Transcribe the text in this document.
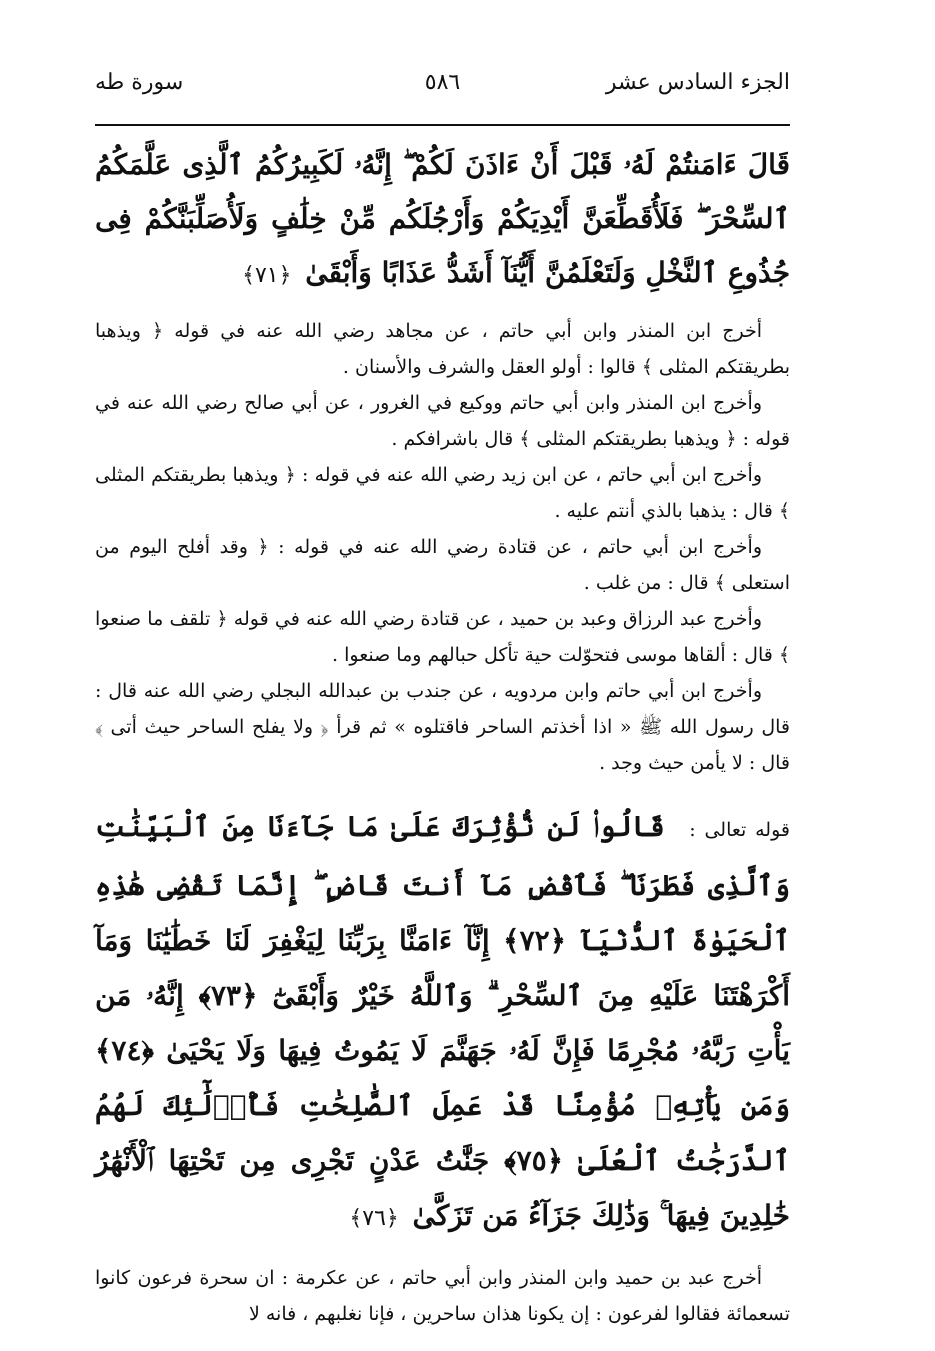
الجزء السادس عشر
٥٨٦
سورة طه
قَالَ ءَامَنتُمْ لَهُۥ قَبْلَ أَنْ ءَاذَنَ لَكُمْ ۖ إِنَّهُۥ لَكَبِيرُكُمُ ٱلَّذِى عَلَّمَكُمُ ٱلسِّحْرَ ۖ فَلَأُقَطِّعَنَّ أَيْدِيَكُمْ وَأَرْجُلَكُم مِّنْ خِلَٰفٍ وَلَأُصَلِّبَنَّكُمْ فِى جُذُوعِ ٱلنَّخْلِ وَلَتَعْلَمُنَّ أَيُّنَآ أَشَدُّ عَذَابًا وَأَبْقَىٰ ﴿٧١﴾

أخرج ابن المنذر وابن أبي حاتم ، عن مجاهد رضي الله عنه في قوله ﴿ ويذهبا بطريقتكم المثلى ﴾ قالوا : أولو العقل والشرف والأسنان .

وأخرج ابن المنذر وابن أبي حاتم ووكيع في الغرور ، عن أبي صالح رضي الله عنه في قوله : ﴿ ويذهبا بطريقتكم المثلى ﴾ قال باشرافكم .

وأخرج ابن أبي حاتم ، عن ابن زيد رضي الله عنه في قوله : ﴿ ويذهبا بطريقتكم المثلى ﴾ قال : يذهبا بالذي أنتم عليه .

وأخرج ابن أبي حاتم ، عن قتادة رضي الله عنه في قوله : ﴿ وقد أفلح اليوم من استعلى ﴾ قال : من غلب .

وأخرج عبد الرزاق وعبد بن حميد ، عن قتادة رضي الله عنه في قوله ﴿ تلقف ما صنعوا ﴾ قال : ألقاها موسى فتحوّلت حية تأكل حبالهم وما صنعوا .

وأخرج ابن أبي حاتم وابن مردويه ، عن جندب بن عبدالله البجلي رضي الله عنه قال : قال رسول الله ﷺ « اذا أخذتم الساحر فاقتلوه » ثم قرأ ﴿ ولا يفلح الساحر حيث أتى ﴾ قال : لا يأمن حيث وجد .

قوله تعالى : قَالُوا۟ لَن نُّؤْثِرَكَ عَلَىٰ مَا جَآءَنَا مِنَ ٱلْبَيِّنَٰتِ وَٱلَّذِى فَطَرَنَا ۖ فَٱقْضِ مَآ أَنتَ قَاضٍ ۖ إِنَّمَا تَقْضِى هَٰذِهِ ٱلْحَيَوٰةَ ٱلدُّنْيَآ ﴿٧٢﴾ إِنَّآ ءَامَنَّا بِرَبِّنَا لِيَغْفِرَ لَنَا خَطَٰيَٰنَا وَمَآ أَكْرَهْتَنَا عَلَيْهِ مِنَ ٱلسِّحْرِ ۗ وَٱللَّهُ خَيْرٌ وَأَبْقَىٰٓ ﴿٧٣﴾ إِنَّهُۥ مَن يَأْتِ رَبَّهُۥ مُجْرِمًا فَإِنَّ لَهُۥ جَهَنَّمَ لَا يَمُوتُ فِيهَا وَلَا يَحْيَىٰ ﴿٧٤﴾ وَمَن يَأْتِهِۦ مُؤْمِنًا قَدْ عَمِلَ ٱلصَّٰلِحَٰتِ فَأُو۟لَٰٓئِكَ لَهُمُ ٱلدَّرَجَٰتُ ٱلْعُلَىٰ ﴿٧٥﴾ جَنَّٰتُ عَدْنٍ تَجْرِى مِن تَحْتِهَا ٱلْأَنْهَٰرُ خَٰلِدِينَ فِيهَا ۚ وَذَٰلِكَ جَزَآءُ مَن تَزَكَّىٰ ﴿٧٦﴾

أخرج عبد بن حميد وابن المنذر وابن أبي حاتم ، عن عكرمة : ان سحرة فرعون كانوا تسعمائة فقالوا لفرعون : إن يكونا هذان ساحرين ، فإنا نغلبهم ، فانه لا
